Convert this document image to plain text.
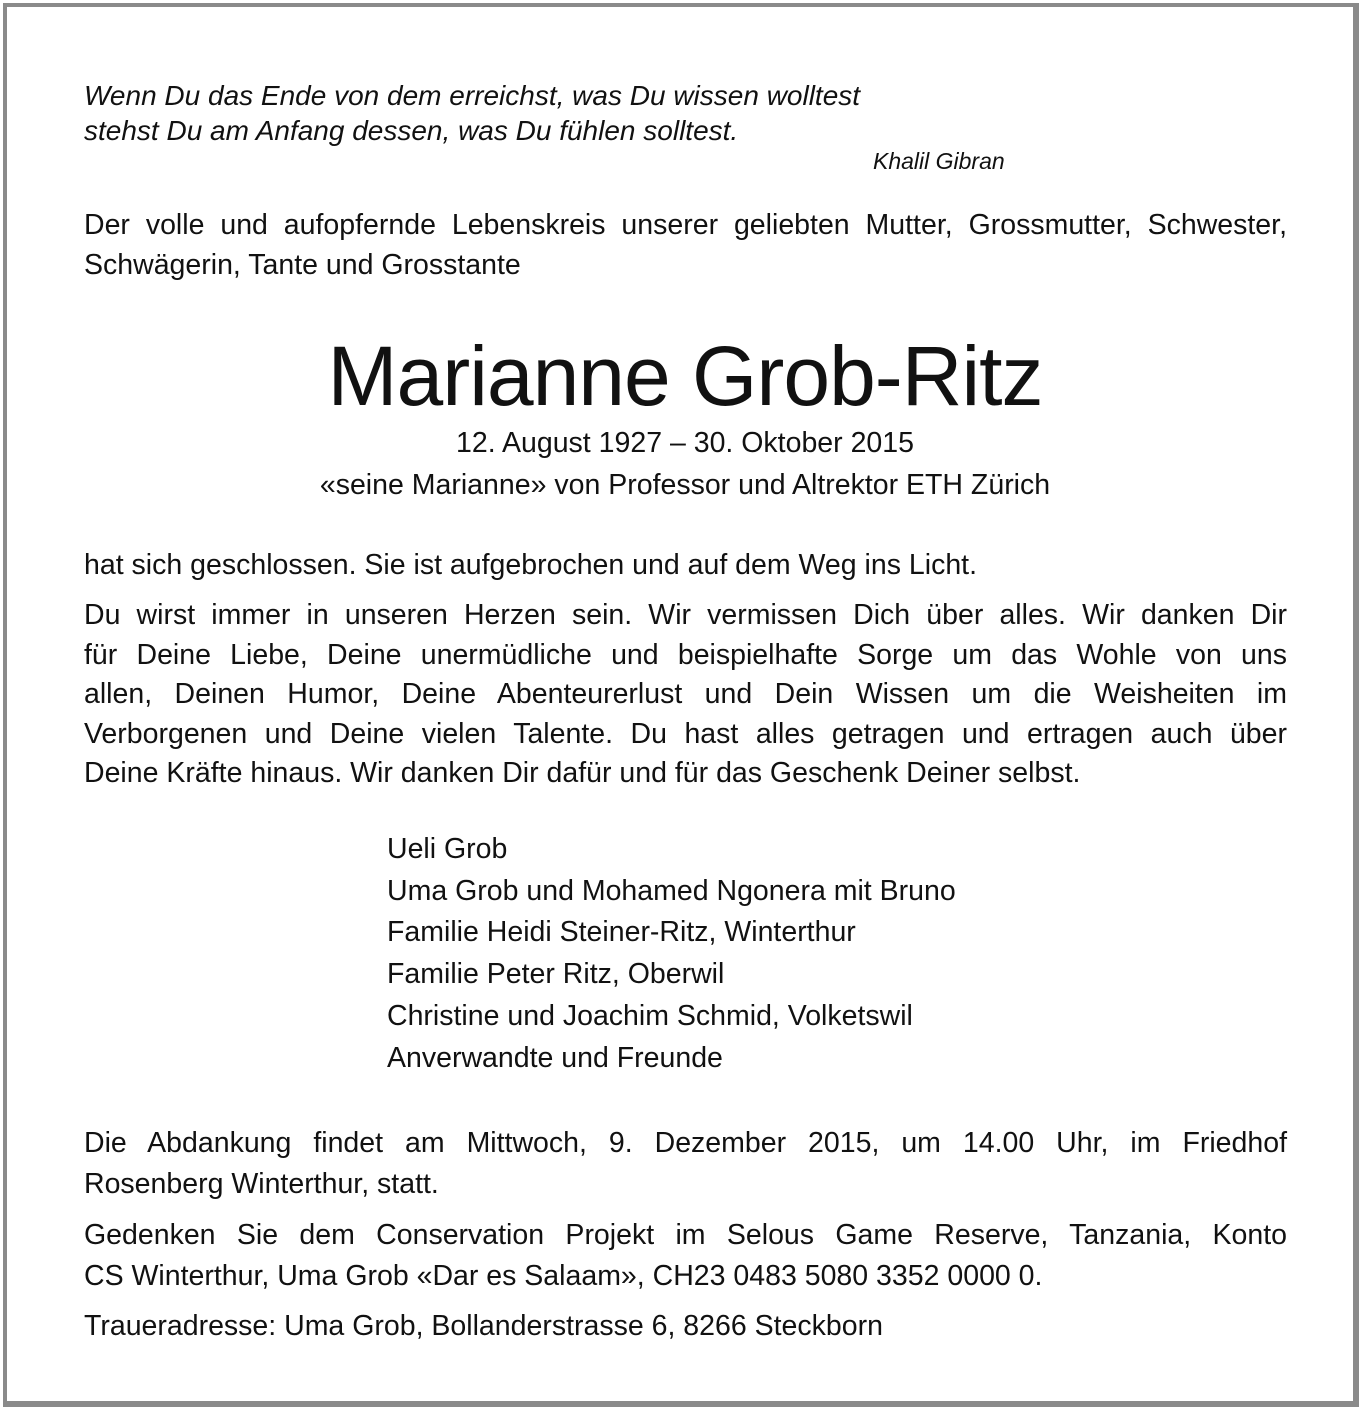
Wenn Du das Ende von dem erreichst, was Du wissen wolltest
stehst Du am Anfang dessen, was Du fühlen solltest.
Khalil Gibran
Der volle und aufopfernde Lebenskreis unserer geliebten Mutter, Grossmutter, Schwester, Schwägerin, Tante und Grosstante
Marianne Grob-Ritz
12. August 1927 – 30. Oktober 2015
«seine Marianne» von Professor und Altrektor ETH Zürich
hat sich geschlossen. Sie ist aufgebrochen und auf dem Weg ins Licht.
Du wirst immer in unseren Herzen sein. Wir vermissen Dich über alles. Wir danken Dir
für Deine Liebe, Deine unermüdliche und beispielhafte Sorge um das Wohle von uns
allen, Deinen Humor, Deine Abenteurerlust und Dein Wissen um die Weisheiten im
Verborgenen und Deine vielen Talente. Du hast alles getragen und ertragen auch über
Deine Kräfte hinaus. Wir danken Dir dafür und für das Geschenk Deiner selbst.
Ueli Grob
Uma Grob und Mohamed Ngonera mit Bruno
Familie Heidi Steiner-Ritz, Winterthur
Familie Peter Ritz, Oberwil
Christine und Joachim Schmid, Volketswil
Anverwandte und Freunde
Die Abdankung findet am Mittwoch, 9. Dezember 2015, um 14.00 Uhr, im Friedhof
Rosenberg Winterthur, statt.
Gedenken Sie dem Conservation Projekt im Selous Game Reserve, Tanzania, Konto
CS Winterthur, Uma Grob «Dar es Salaam», CH23 0483 5080 3352 0000 0.
Traueradresse: Uma Grob, Bollanderstrasse 6, 8266 Steckborn
